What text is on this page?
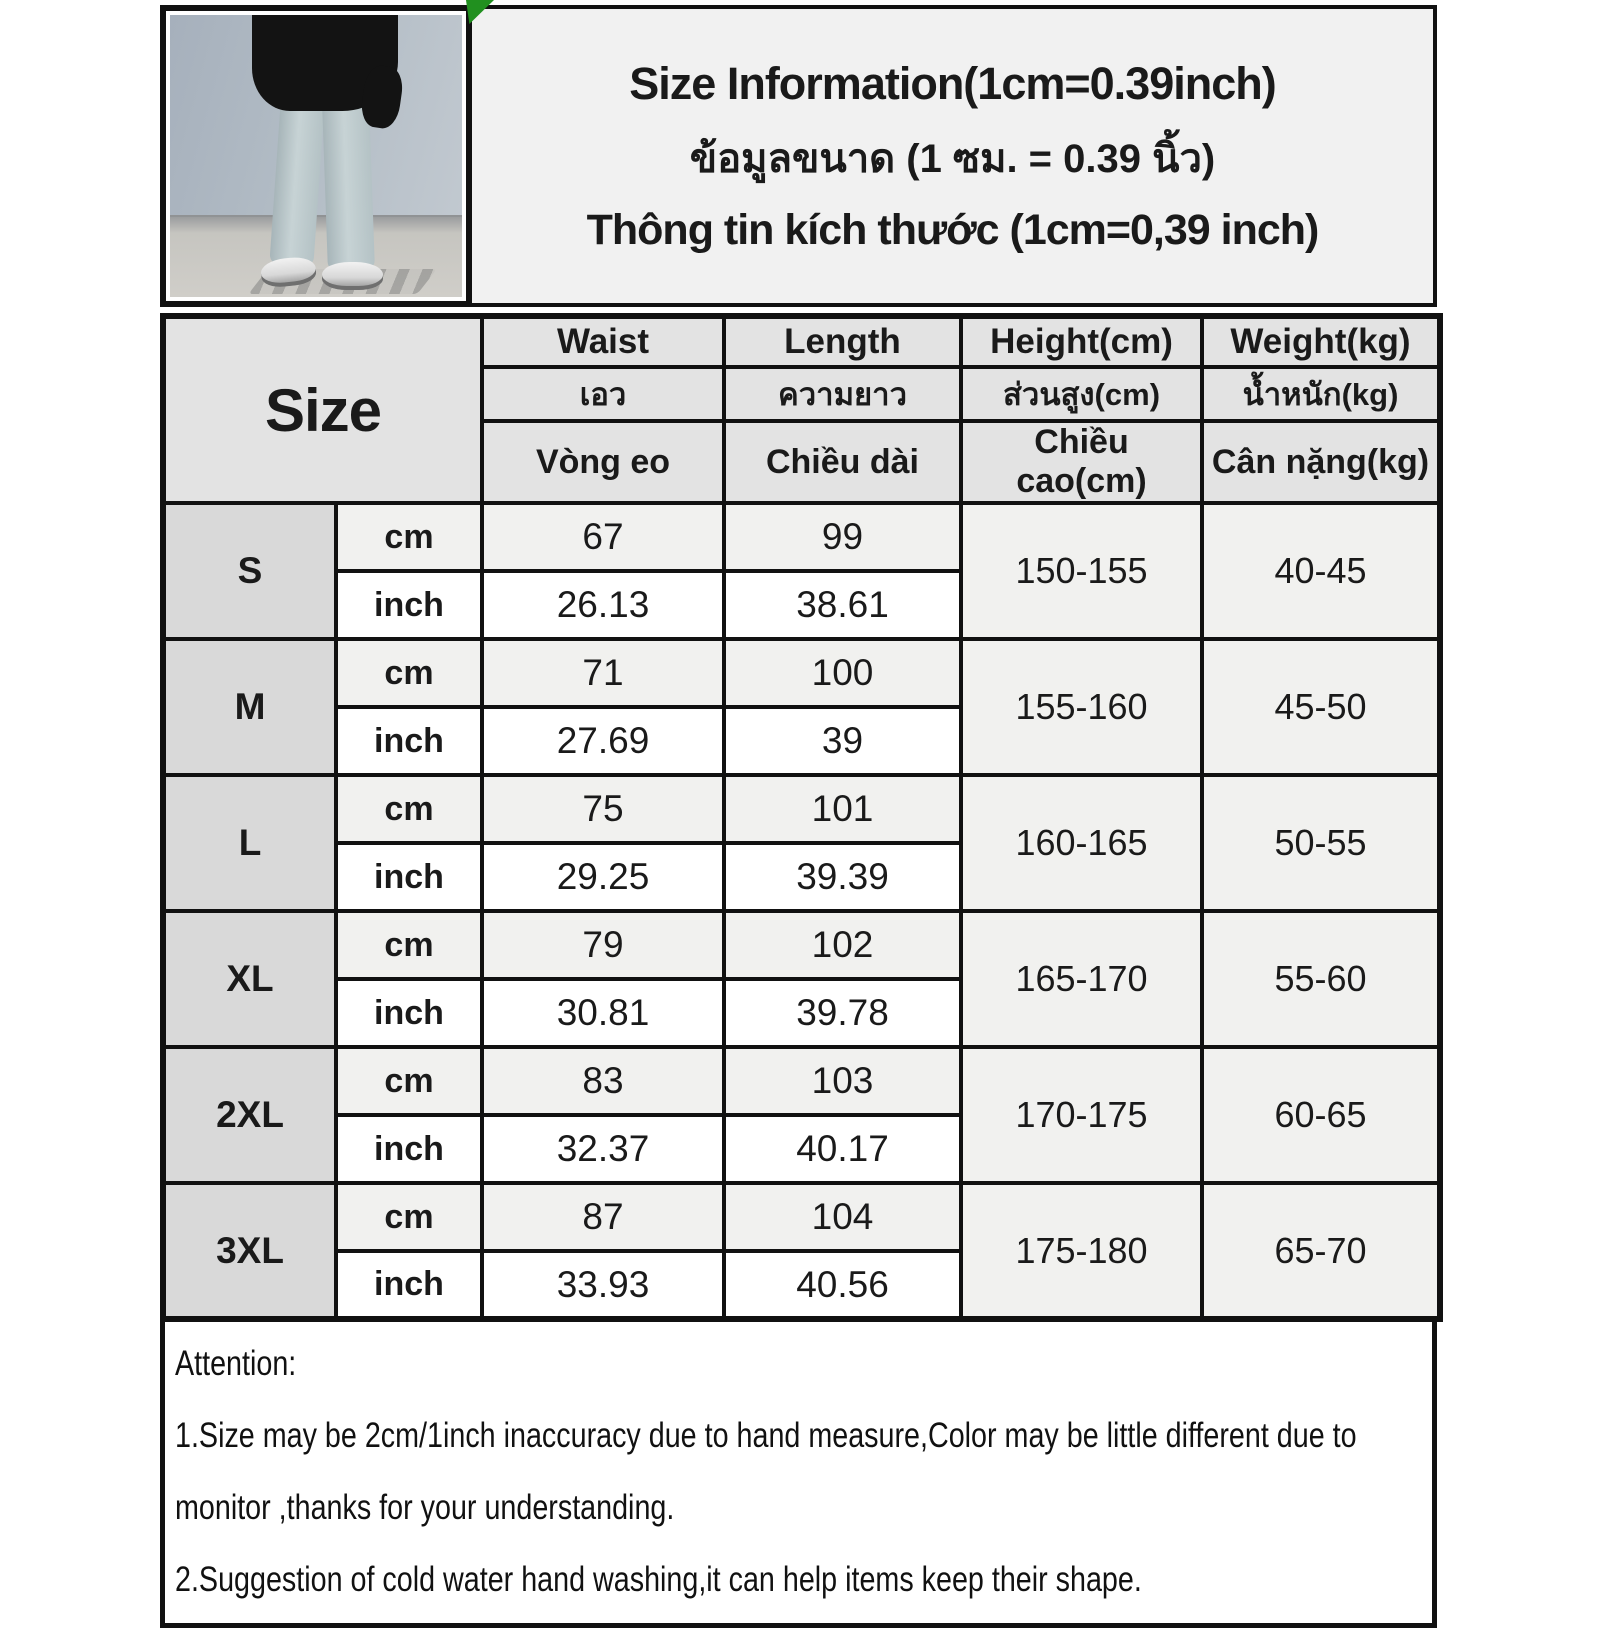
Size Information(1cm=0.39inch)
ข้อมูลขนาด (1 ซม. = 0.39 นิ้ว)
Thông tin kích thước (1cm=0,39 inch)
Size		Waist	Length	Height(cm)	Weight(kg)
		เอว	ความยาว	ส่วนสูง(cm)	น้ำหนัก(kg)
		Vòng eo	Chiều dài	Chiều cao(cm)	Cân nặng(kg)
S	cm	67	99	150-155	40-45
	inch	26.13	38.61		
M	cm	71	100	155-160	45-50
	inch	27.69	39		
L	cm	75	101	160-165	50-55
	inch	29.25	39.39		
XL	cm	79	102	165-170	55-60
	inch	30.81	39.78		
2XL	cm	83	103	170-175	60-65
	inch	32.37	40.17		
3XL	cm	87	104	175-180	65-70
	inch	33.93	40.56		
Attention:
1.Size may be 2cm/1inch inaccuracy due to hand measure,Color may be little different due to monitor ,thanks for your understanding.
2.Suggestion of cold water hand washing,it can help items keep their shape.
